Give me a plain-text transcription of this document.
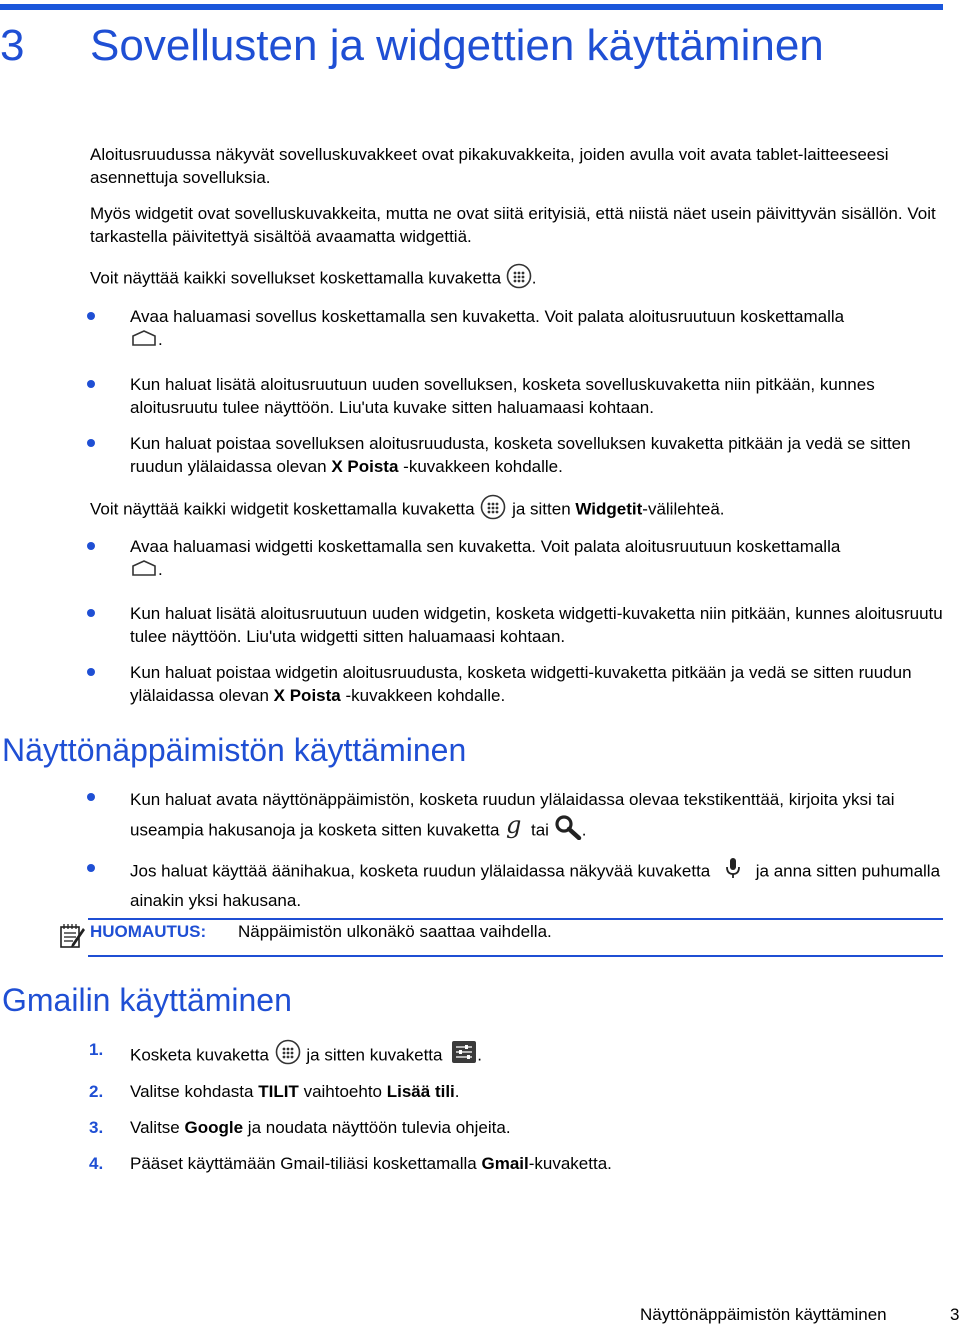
3 Sovellusten ja widgettien käyttäminen
Aloitusruudussa näkyvät sovelluskuvakkeet ovat pikakuvakkeita, joiden avulla voit avata tablet-laitteeseesi asennettuja sovelluksia.
Myös widgetit ovat sovelluskuvakkeita, mutta ne ovat siitä erityisiä, että niistä näet usein päivittyvän sisällön. Voit tarkastella päivitettyä sisältöä avaamatta widgettiä.
Voit näyttää kaikki sovellukset koskettamalla kuvaketta .
Avaa haluamasi sovellus koskettamalla sen kuvaketta. Voit palata aloitusruutuun koskettamalla
.
Kun haluat lisätä aloitusruutuun uuden sovelluksen, kosketa sovelluskuvaketta niin pitkään, kunnes aloitusruutu tulee näyttöön. Liu'uta kuvake sitten haluamaasi kohtaan.
Kun haluat poistaa sovelluksen aloitusruudusta, kosketa sovelluksen kuvaketta pitkään ja vedä se sitten ruudun ylälaidassa olevan X Poista -kuvakkeen kohdalle.
Voit näyttää kaikki widgetit koskettamalla kuvaketta ja sitten Widgetit-välilehteä.
Avaa haluamasi widgetti koskettamalla sen kuvaketta. Voit palata aloitusruutuun koskettamalla
.
Kun haluat lisätä aloitusruutuun uuden widgetin, kosketa widgetti-kuvaketta niin pitkään, kunnes aloitusruutu tulee näyttöön. Liu'uta widgetti sitten haluamaasi kohtaan.
Kun haluat poistaa widgetin aloitusruudusta, kosketa widgetti-kuvaketta pitkään ja vedä se sitten ruudun ylälaidassa olevan X Poista -kuvakkeen kohdalle.
Näyttönäppäimistön käyttäminen
Kun haluat avata näyttönäppäimistön, kosketa ruudun ylälaidassa olevaa tekstikenttää, kirjoita yksi tai useampia hakusanoja ja kosketa sitten kuvaketta g tai .
Jos haluat käyttää äänihakua, kosketa ruudun ylälaidassa näkyvää kuvaketta	ja anna sitten puhumalla ainakin yksi hakusana.
HUOMAUTUS: Näppäimistön ulkonäkö saattaa vaihdella.
Gmailin käyttäminen
1. Kosketa kuvaketta ja sitten kuvaketta .
2. Valitse kohdasta TILIT vaihtoehto Lisää tili.
3. Valitse Google ja noudata näyttöön tulevia ohjeita.
4. Pääset käyttämään Gmail-tiliäsi koskettamalla Gmail-kuvaketta.
Näyttönäppäimistön käyttäminen	3
